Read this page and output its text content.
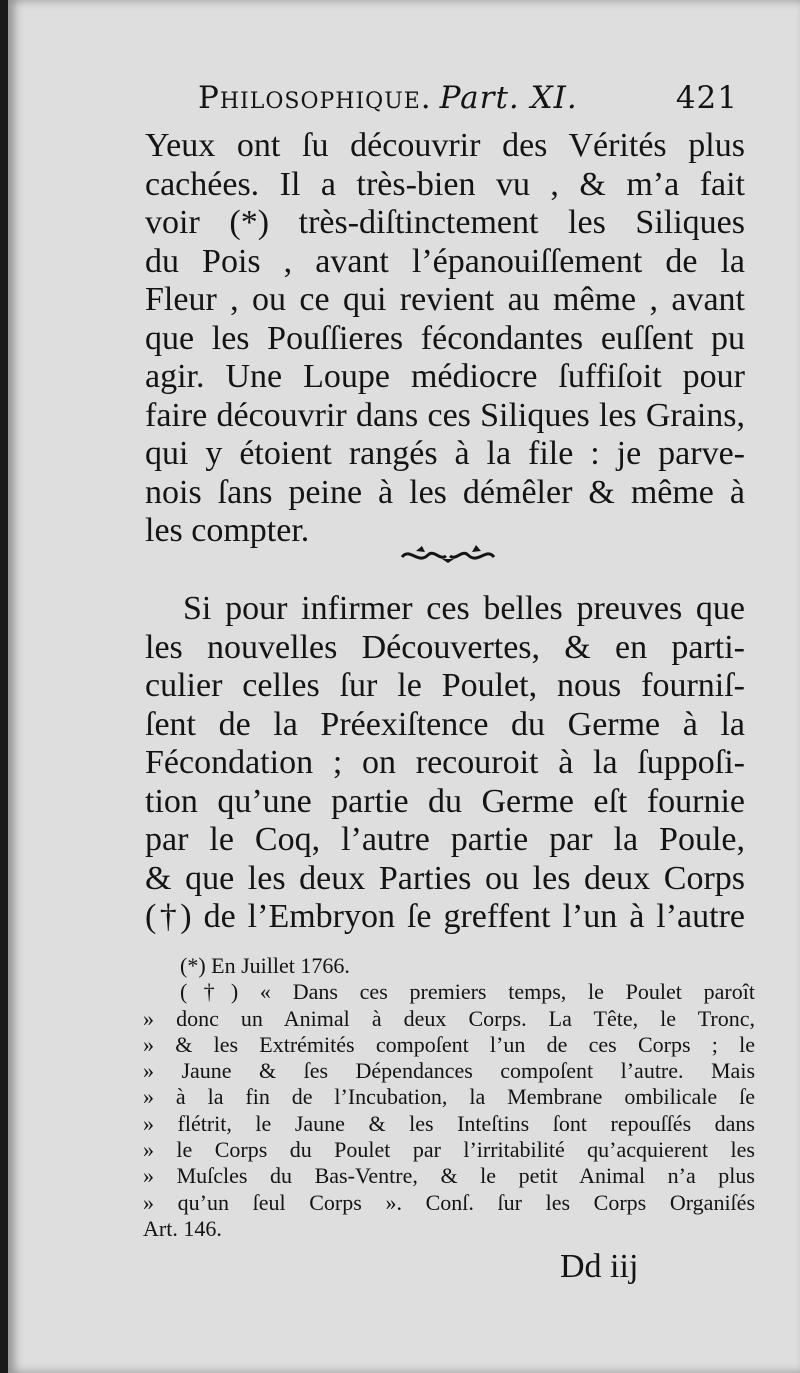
Philosophique. Part. XI.	421
Yeux ont ſu découvrir des Vérités plus
cachées. Il a très-bien vu , & m’a fait
voir (*) très-diſtinctement les Siliques
du Pois , avant l’épanouiſſement de la
Fleur , ou ce qui revient au même , avant
que les Pouſſieres fécondantes euſſent pu
agir. Une Loupe médiocre ſuffiſoit pour
faire découvrir dans ces Siliques les Grains,
qui y étoient rangés à la file : je parve-
nois ſans peine à les démêler & même à
les compter.
Si pour infirmer ces belles preuves que
les nouvelles Découvertes, & en parti-
culier celles ſur le Poulet, nous fourniſ-
ſent de la Préexiſtence du Germe à la
Fécondation ; on recouroit à la ſuppoſi-
tion qu’une partie du Germe eſt fournie
par le Coq, l’autre partie par la Poule,
& que les deux Parties ou les deux Corps
(†) de l’Embryon ſe greffent l’un à l’autre
(*) En Juillet 1766.
(†) « Dans ces premiers temps, le Poulet paroît
» donc un Animal à deux Corps. La Tête, le Tronc,
» & les Extrémités compoſent l’un de ces Corps ; le
» Jaune & ſes Dépendances compoſent l’autre. Mais
» à la fin de l’Incubation, la Membrane ombilicale ſe
» flétrit, le Jaune & les Inteſtins ſont repouſſés dans
» le Corps du Poulet par l’irritabilité qu’acquierent les
» Muſcles du Bas-Ventre, & le petit Animal n’a plus
» qu’un ſeul Corps ». Conſ. ſur les Corps Organiſés
Art. 146.
Dd iij
